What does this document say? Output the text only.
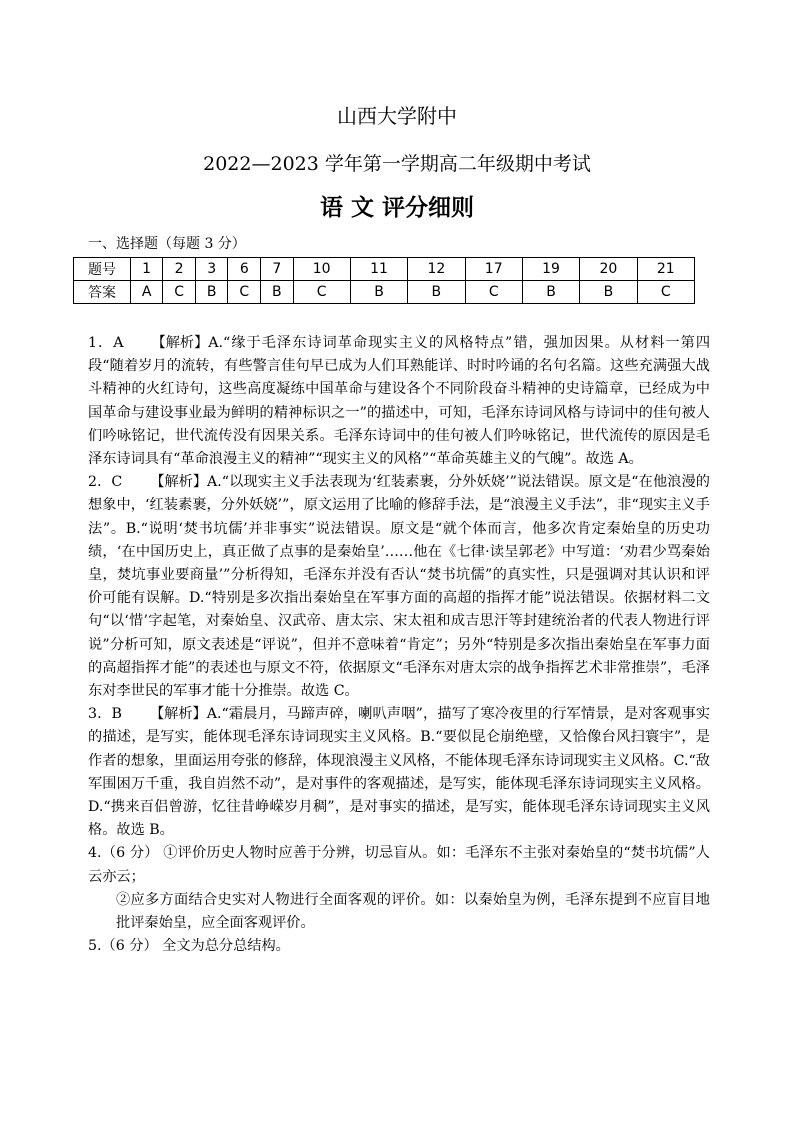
山西大学附中
2022—2023 学年第一学期高二年级期中考试
语 文 评分细则
一、选择题（每题 3 分）
题号	1	2	3	6	7	10	11	12	17	19	20	21
答案	A	C	B	C	B	C	B	B	C	B	B	C

1．A 【解析】A.“缘于毛泽东诗词革命现实主义的风格特点”错，强加因果。从材料一第四段“随着岁月的流转，有些警言佳句早已成为人们耳熟能详、时时吟诵的名句名篇。这些充满强大战斗精神的火红诗句，这些高度凝练中国革命与建设各个不同阶段奋斗精神的史诗篇章，已经成为中国革命与建设事业最为鲜明的精神标识之一”的描述中，可知，毛泽东诗词风格与诗词中的佳句被人们吟咏铭记，世代流传没有因果关系。毛泽东诗词中的佳句被人们吟咏铭记，世代流传的原因是毛泽东诗词具有“革命浪漫主义的精神”“现实主义的风格”“革命英雄主义的气魄”。故选 A。

2．C 【解析】A.“以现实主义手法表现为‘红装素裹，分外妖娆’”说法错误。原文是“在他浪漫的想象中，‘红装素裹，分外妖娆’”，原文运用了比喻的修辞手法，是“浪漫主义手法”，非“现实主义手法”。B.“说明‘焚书坑儒’并非事实”说法错误。原文是“就个体而言，他多次肯定秦始皇的历史功绩，‘在中国历史上，真正做了点事的是秦始皇’……他在《七律·读呈郭老》中写道：‘劝君少骂秦始皇，焚坑事业要商量’”分析得知，毛泽东并没有否认“焚书坑儒”的真实性，只是强调对其认识和评价可能有误解。D.“特别是多次指出秦始皇在军事方面的高超的指挥才能”说法错误。依据材料二文句“以‘惜’字起笔，对秦始皇、汉武帝、唐太宗、宋太祖和成吉思汗等封建统治者的代表人物进行评说”分析可知，原文表述是“评说”，但并不意味着“肯定”；另外“特别是多次指出秦始皇在军事力面的高超指挥才能”的表述也与原文不符，依据原文“毛泽东对唐太宗的战争指挥艺术非常推崇”，毛泽东对李世民的军事才能十分推崇。故选 C。

3．B 【解析】A.“霜晨月，马蹄声碎，喇叭声咽”，描写了寒冷夜里的行军情景，是对客观事实的描述，是写实，能体现毛泽东诗词现实主义风格。B.“要似昆仑崩绝壁，又恰像台风扫寰宇”，是作者的想象，里面运用夸张的修辞，体现浪漫主义风格，不能体现毛泽东诗词现实主义风格。C.“敌军围困万千重，我自岿然不动”，是对事件的客观描述，是写实，能体现毛泽东诗词现实主义风格。D.“携来百侣曾游，忆往昔峥嵘岁月稠”，是对事实的描述，是写实，能体现毛泽东诗词现实主义风格。故选 B。

4.（6 分） ①评价历史人物时应善于分辨，切忌盲从。如：毛泽东不主张对秦始皇的“焚书坑儒”人云亦云；

②应多方面结合史实对人物进行全面客观的评价。如：以秦始皇为例，毛泽东提到不应盲目地批评秦始皇，应全面客观评价。

5.（6 分） 全文为总分总结构。
